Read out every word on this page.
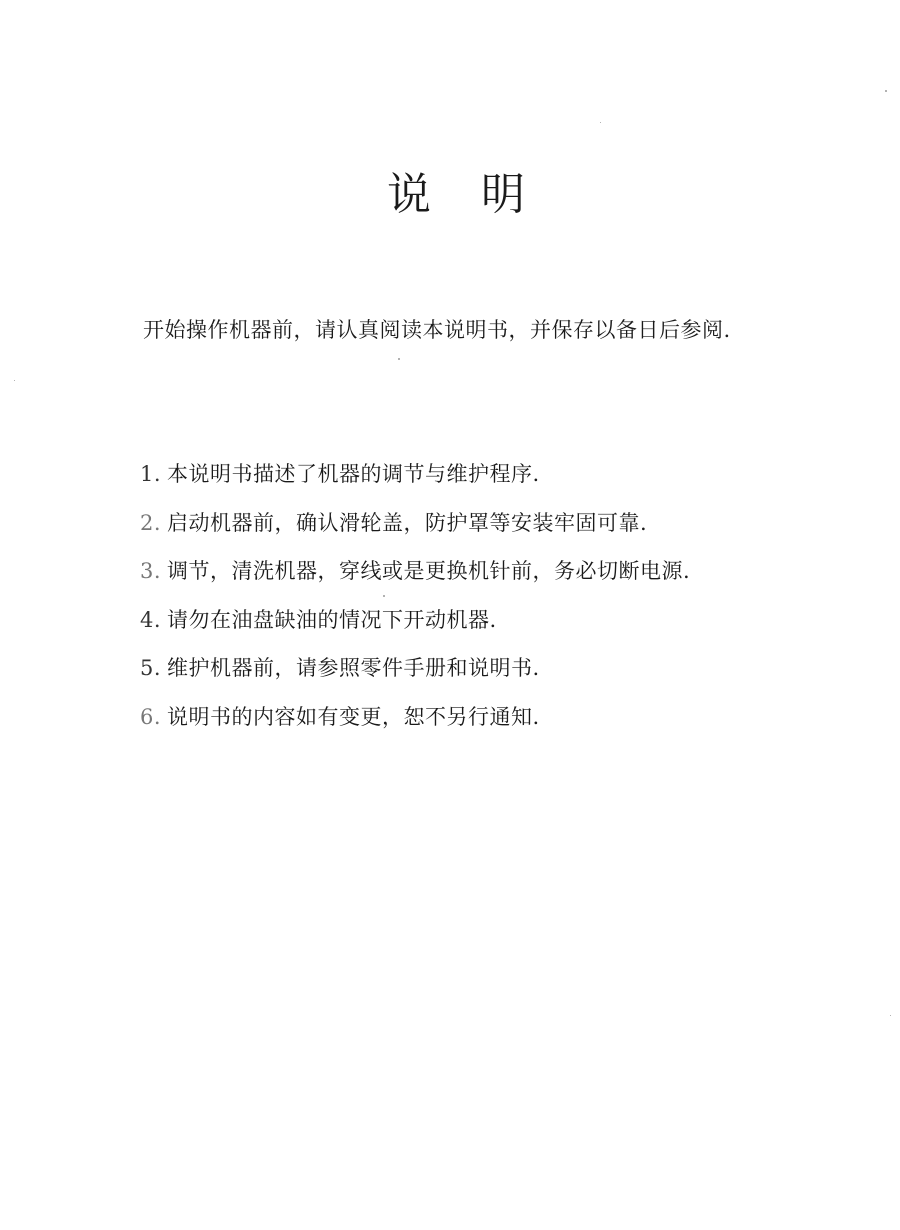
说 明

开始操作机器前，请认真阅读本说明书，并保存以备日后参阅.

1. 本说明书描述了机器的调节与维护程序.
2. 启动机器前，确认滑轮盖，防护罩等安装牢固可靠.
3. 调节，清洗机器，穿线或是更换机针前，务必切断电源.
4. 请勿在油盘缺油的情况下开动机器.
5. 维护机器前，请参照零件手册和说明书.
6. 说明书的内容如有变更，恕不另行通知.
